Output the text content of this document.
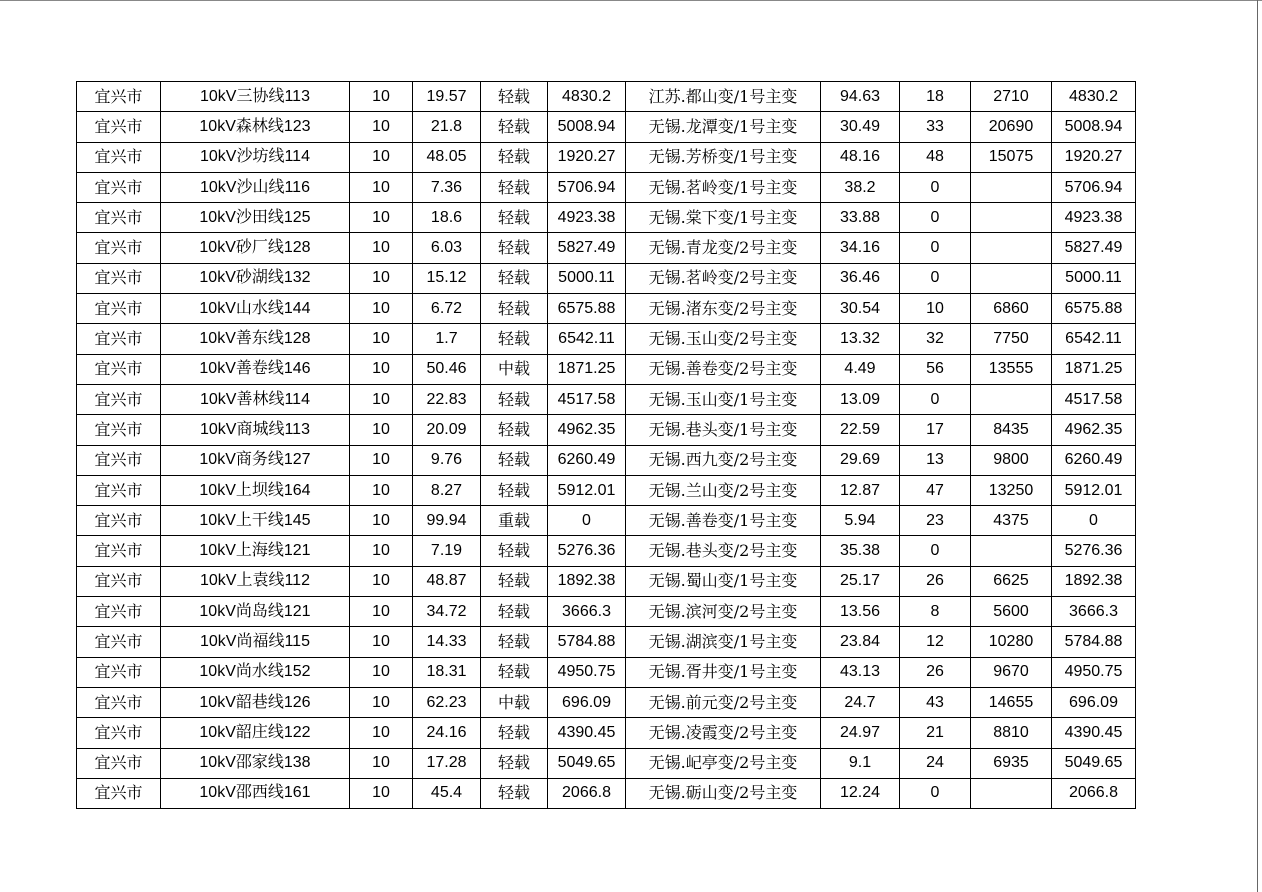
宜兴市	10kV三协线113	10	19.57	轻载	4830.2	江苏.都山变/1号主变	94.63	18	2710	4830.2
宜兴市	10kV森林线123	10	21.8	轻载	5008.94	无锡.龙潭变/1号主变	30.49	33	20690	5008.94
宜兴市	10kV沙坊线114	10	48.05	轻载	1920.27	无锡.芳桥变/1号主变	48.16	48	15075	1920.27
宜兴市	10kV沙山线116	10	7.36	轻载	5706.94	无锡.茗岭变/1号主变	38.2	0		5706.94
宜兴市	10kV沙田线125	10	18.6	轻载	4923.38	无锡.棠下变/1号主变	33.88	0		4923.38
宜兴市	10kV砂厂线128	10	6.03	轻载	5827.49	无锡.青龙变/2号主变	34.16	0		5827.49
宜兴市	10kV砂湖线132	10	15.12	轻载	5000.11	无锡.茗岭变/2号主变	36.46	0		5000.11
宜兴市	10kV山水线144	10	6.72	轻载	6575.88	无锡.渚东变/2号主变	30.54	10	6860	6575.88
宜兴市	10kV善东线128	10	1.7	轻载	6542.11	无锡.玉山变/2号主变	13.32	32	7750	6542.11
宜兴市	10kV善卷线146	10	50.46	中载	1871.25	无锡.善卷变/2号主变	4.49	56	13555	1871.25
宜兴市	10kV善林线114	10	22.83	轻载	4517.58	无锡.玉山变/1号主变	13.09	0		4517.58
宜兴市	10kV商城线113	10	20.09	轻载	4962.35	无锡.巷头变/1号主变	22.59	17	8435	4962.35
宜兴市	10kV商务线127	10	9.76	轻载	6260.49	无锡.西九变/2号主变	29.69	13	9800	6260.49
宜兴市	10kV上坝线164	10	8.27	轻载	5912.01	无锡.兰山变/2号主变	12.87	47	13250	5912.01
宜兴市	10kV上干线145	10	99.94	重载	0	无锡.善卷变/1号主变	5.94	23	4375	0
宜兴市	10kV上海线121	10	7.19	轻载	5276.36	无锡.巷头变/2号主变	35.38	0		5276.36
宜兴市	10kV上袁线112	10	48.87	轻载	1892.38	无锡.蜀山变/1号主变	25.17	26	6625	1892.38
宜兴市	10kV尚岛线121	10	34.72	轻载	3666.3	无锡.滨河变/2号主变	13.56	8	5600	3666.3
宜兴市	10kV尚福线115	10	14.33	轻载	5784.88	无锡.湖滨变/1号主变	23.84	12	10280	5784.88
宜兴市	10kV尚水线152	10	18.31	轻载	4950.75	无锡.胥井变/1号主变	43.13	26	9670	4950.75
宜兴市	10kV韶巷线126	10	62.23	中载	696.09	无锡.前元变/2号主变	24.7	43	14655	696.09
宜兴市	10kV韶庄线122	10	24.16	轻载	4390.45	无锡.凌霞变/2号主变	24.97	21	8810	4390.45
宜兴市	10kV邵家线138	10	17.28	轻载	5049.65	无锡.屺亭变/2号主变	9.1	24	6935	5049.65
宜兴市	10kV邵西线161	10	45.4	轻载	2066.8	无锡.砺山变/2号主变	12.24	0		2066.8
